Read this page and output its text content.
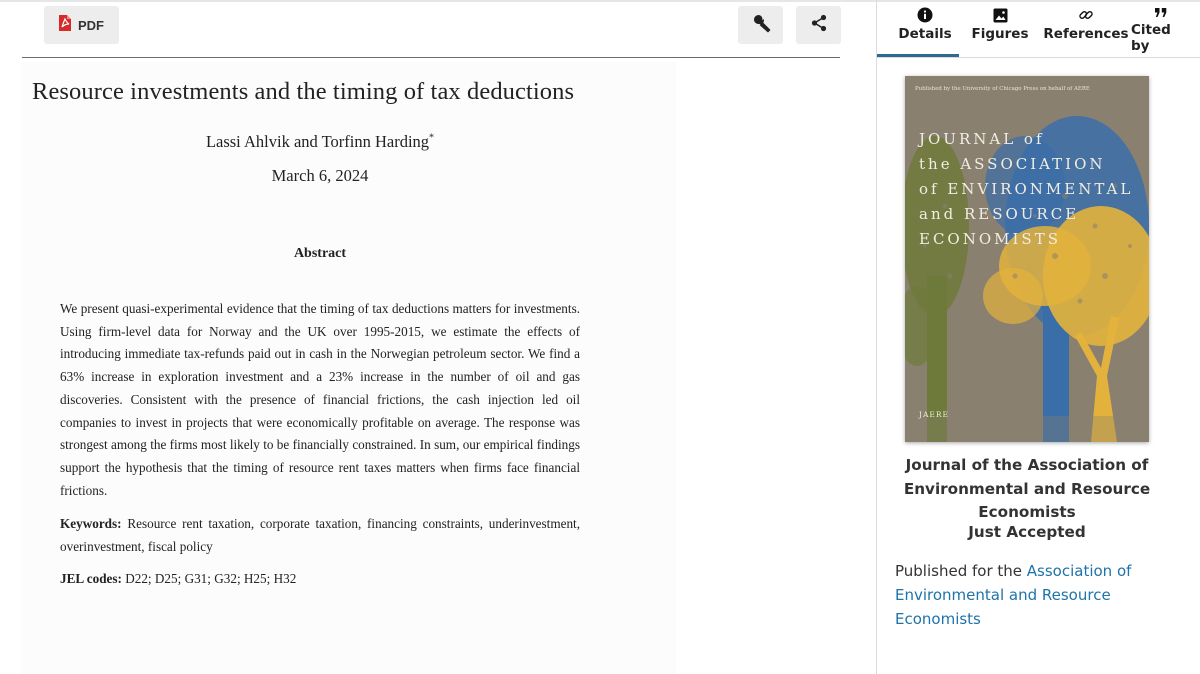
PDF
Resource investments and the timing of tax deductions
Lassi Ahlvik and Torfinn Harding*
March 6, 2024
Abstract
We present quasi-experimental evidence that the timing of tax deductions matters for investments. Using firm-level data for Norway and the UK over 1995-2015, we estimate the effects of introducing immediate tax-refunds paid out in cash in the Norwegian petroleum sector. We find a 63% increase in exploration investment and a 23% increase in the number of oil and gas discoveries. Consistent with the presence of financial frictions, the cash injection led oil companies to invest in projects that were economically profitable on average. The response was strongest among the firms most likely to be financially constrained. In sum, our empirical findings support the hypothesis that the timing of resource rent taxes matters when firms face financial frictions.
Keywords: Resource rent taxation, corporate taxation, financing constraints, underinvestment, overinvestment, fiscal policy
JEL codes: D22; D25; G31; G32; H25; H32
Details Figures References Cited by
Published by the University of Chicago Press on behalf of AERE
JOURNAL of
the ASSOCIATION
of ENVIRONMENTAL
and RESOURCE
ECONOMISTS
JAERE
Journal of the Association of Environmental and Resource Economists
Just Accepted
Published for the Association of Environmental and Resource Economists
